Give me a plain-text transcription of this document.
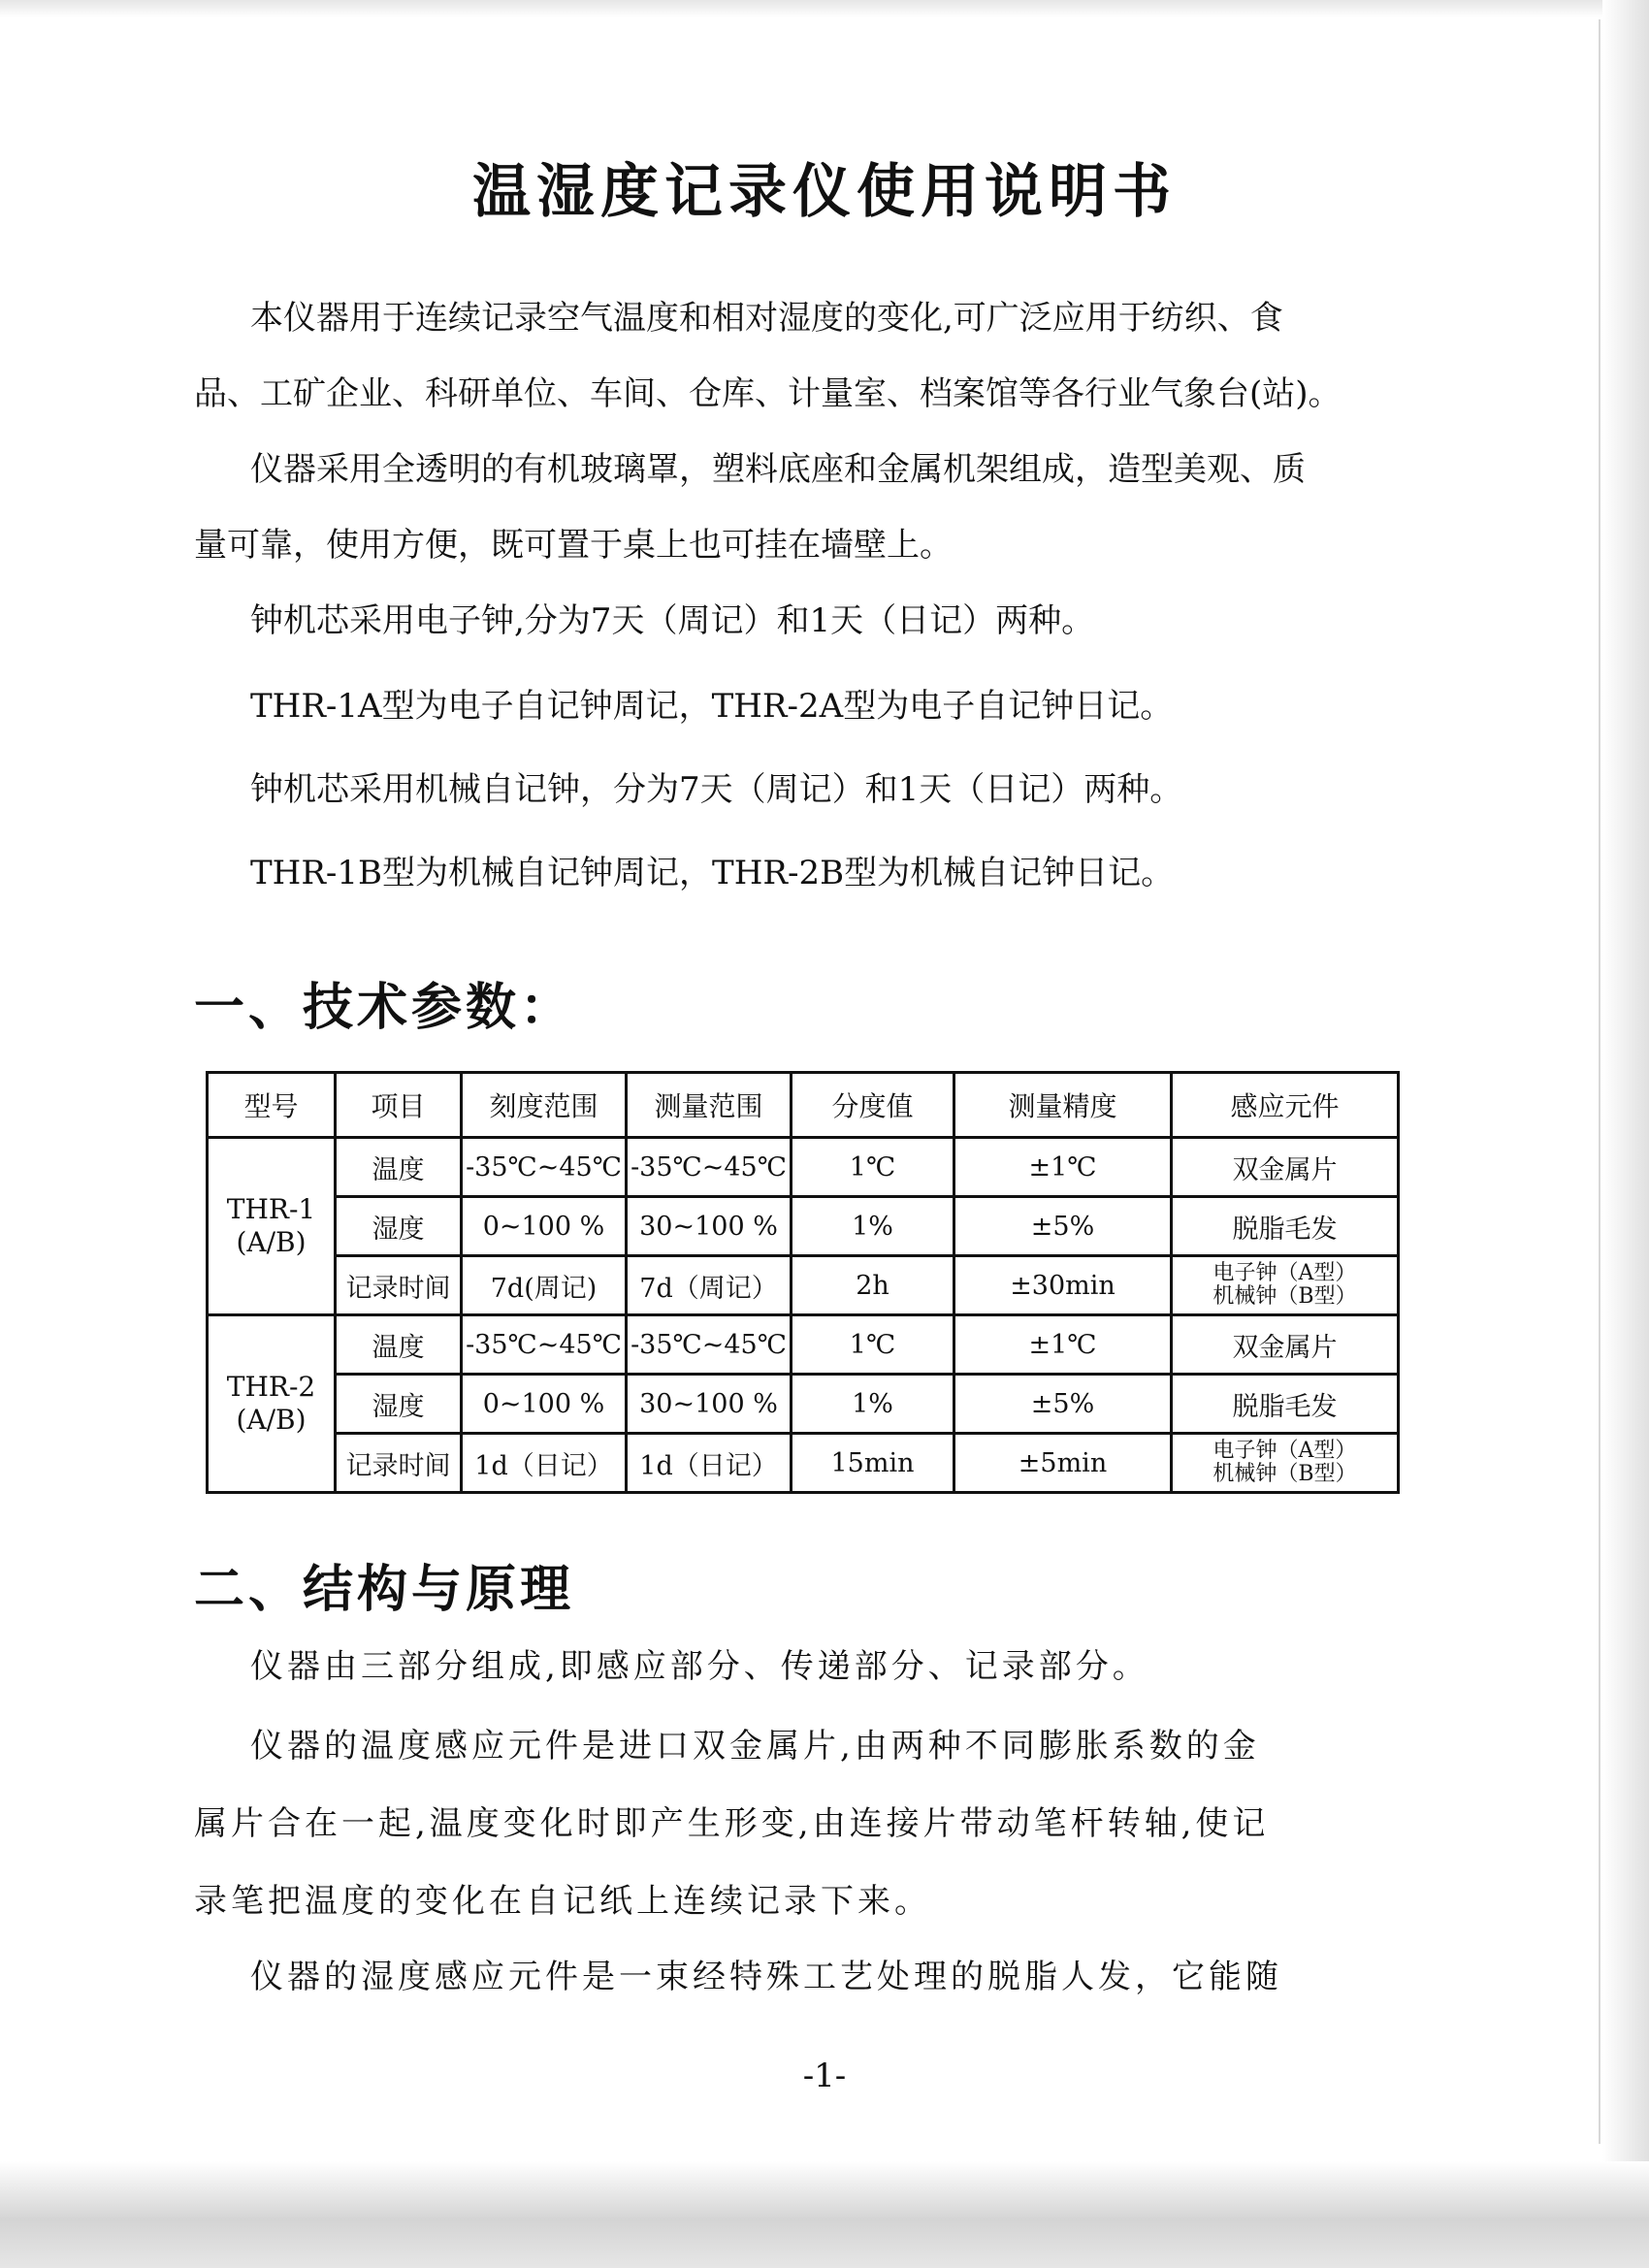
温湿度记录仪使用说明书
本仪器用于连续记录空气温度和相对湿度的变化,可广泛应用于纺织、食
品、工矿企业、科研单位、车间、仓库、计量室、档案馆等各行业气象台(站)。
仪器采用全透明的有机玻璃罩，塑料底座和金属机架组成，造型美观、质
量可靠，使用方便，既可置于桌上也可挂在墙壁上。
钟机芯采用电子钟,分为7天（周记）和1天（日记）两种。
THR-1A型为电子自记钟周记，THR-2A型为电子自记钟日记。
钟机芯采用机械自记钟，分为7天（周记）和1天（日记）两种。
THR-1B型为机械自记钟周记，THR-2B型为机械自记钟日记。
一、技术参数：
型号	项目	刻度范围	测量范围	分度值	测量精度	感应元件
THR-1
(A/B)	温度	-35℃~45℃	-35℃~45℃	1℃	±1℃	双金属片
	湿度	0~100 %	30~100 %	1%	±5%	脱脂毛发
	记录时间	7d(周记)	7d（周记）	2h	±30min	电子钟（A型）
机械钟（B型）
THR-2
(A/B)	温度	-35℃~45℃	-35℃~45℃	1℃	±1℃	双金属片
	湿度	0~100 %	30~100 %	1%	±5%	脱脂毛发
	记录时间	1d（日记）	1d（日记）	15min	±5min	电子钟（A型）
机械钟（B型）
二、结构与原理
仪器由三部分组成,即感应部分、传递部分、记录部分。
仪器的温度感应元件是进口双金属片,由两种不同膨胀系数的金
属片合在一起,温度变化时即产生形变,由连接片带动笔杆转轴,使记
录笔把温度的变化在自记纸上连续记录下来。
仪器的湿度感应元件是一束经特殊工艺处理的脱脂人发，它能随
-1-
